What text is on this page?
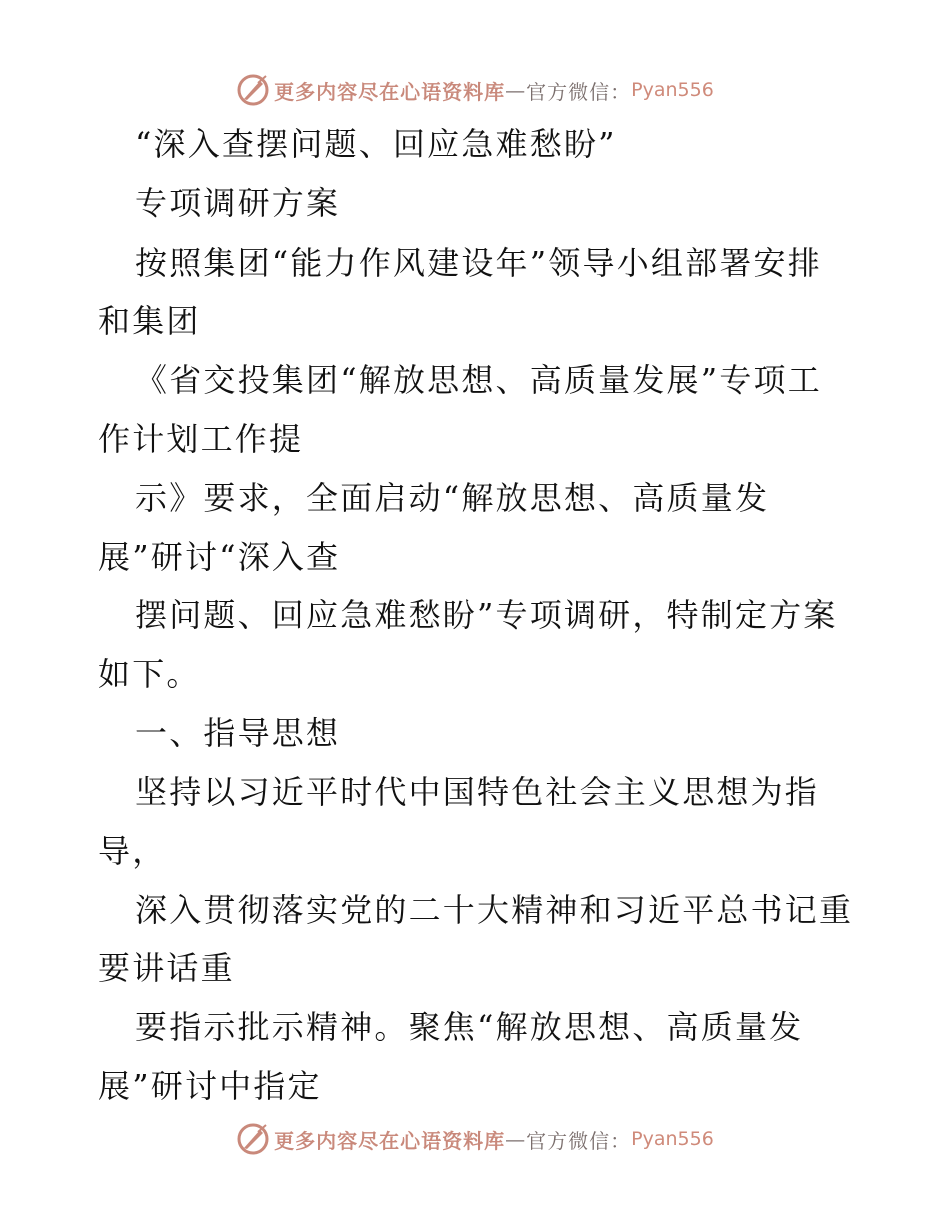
更多内容尽在心语资料库 — 官方微信： Pyan556
“深入查摆问题、回应急难愁盼”
专项调研方案
按照集团“能力作风建设年”领导小组部署安排
和集团
《省交投集团“解放思想、高质量发展”专项工
作计划工作提
示》要求，全面启动“解放思想、高质量发
展”研讨“深入查
摆问题、回应急难愁盼”专项调研，特制定方案
如下。
一、指导思想
坚持以习近平时代中国特色社会主义思想为指
导，
深入贯彻落实党的二十大精神和习近平总书记重
要讲话重
要指示批示精神。聚焦“解放思想、高质量发
展”研讨中指定
更多内容尽在心语资料库 — 官方微信： Pyan556
